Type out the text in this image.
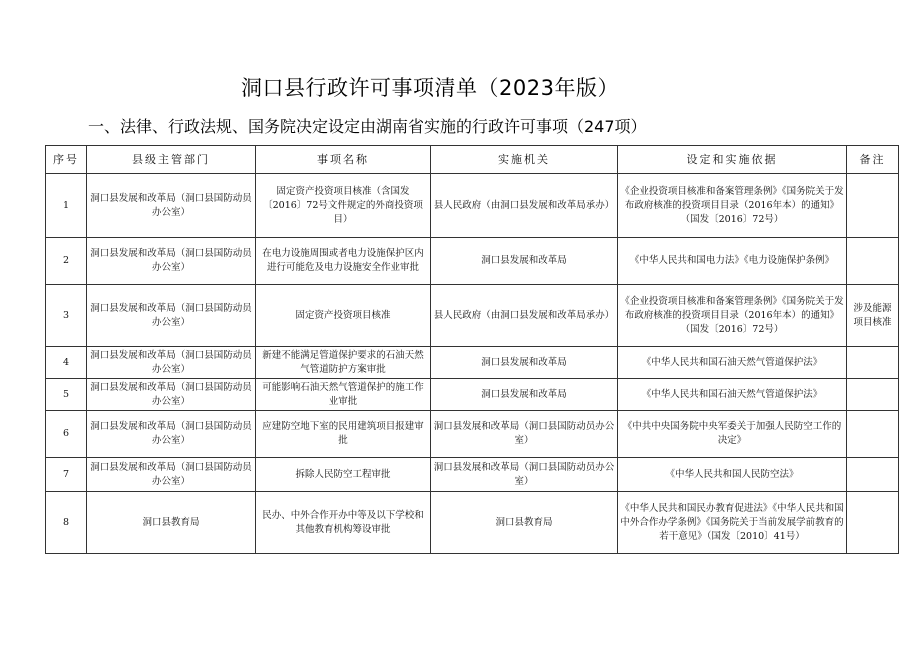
洞口县行政许可事项清单（2023年版）
一、法律、行政法规、国务院决定设定由湖南省实施的行政许可事项（247项）
序号	县级主管部门	事项名称	实施机关	设定和实施依据	备注
1	洞口县发展和改革局（洞口县国防动员办公室）	固定资产投资项目核准（含国发〔2016〕72号文件规定的外商投资项目）	县人民政府（由洞口县发展和改革局承办）	《企业投资项目核准和备案管理条例》《国务院关于发布政府核准的投资项目目录（2016年本）的通知》（国发〔2016〕72号）	
2	洞口县发展和改革局（洞口县国防动员办公室）	在电力设施周围或者电力设施保护区内进行可能危及电力设施安全作业审批	洞口县发展和改革局	《中华人民共和国电力法》《电力设施保护条例》	
3	洞口县发展和改革局（洞口县国防动员办公室）	固定资产投资项目核准	县人民政府（由洞口县发展和改革局承办）	《企业投资项目核准和备案管理条例》《国务院关于发布政府核准的投资项目目录（2016年本）的通知》（国发〔2016〕72号）	涉及能源项目核准
4	洞口县发展和改革局（洞口县国防动员办公室）	新建不能满足管道保护要求的石油天然气管道防护方案审批	洞口县发展和改革局	《中华人民共和国石油天然气管道保护法》	
5	洞口县发展和改革局（洞口县国防动员办公室）	可能影响石油天然气管道保护的施工作业审批	洞口县发展和改革局	《中华人民共和国石油天然气管道保护法》	
6	洞口县发展和改革局（洞口县国防动员办公室）	应建防空地下室的民用建筑项目报建审批	洞口县发展和改革局（洞口县国防动员办公室）	《中共中央国务院中央军委关于加强人民防空工作的决定》	
7	洞口县发展和改革局（洞口县国防动员办公室）	拆除人民防空工程审批	洞口县发展和改革局（洞口县国防动员办公室）	《中华人民共和国人民防空法》	
8	洞口县教育局	民办、中外合作开办中等及以下学校和其他教育机构筹设审批	洞口县教育局	《中华人民共和国民办教育促进法》《中华人民共和国中外合作办学条例》《国务院关于当前发展学前教育的若干意见》（国发〔2010〕41号）	
